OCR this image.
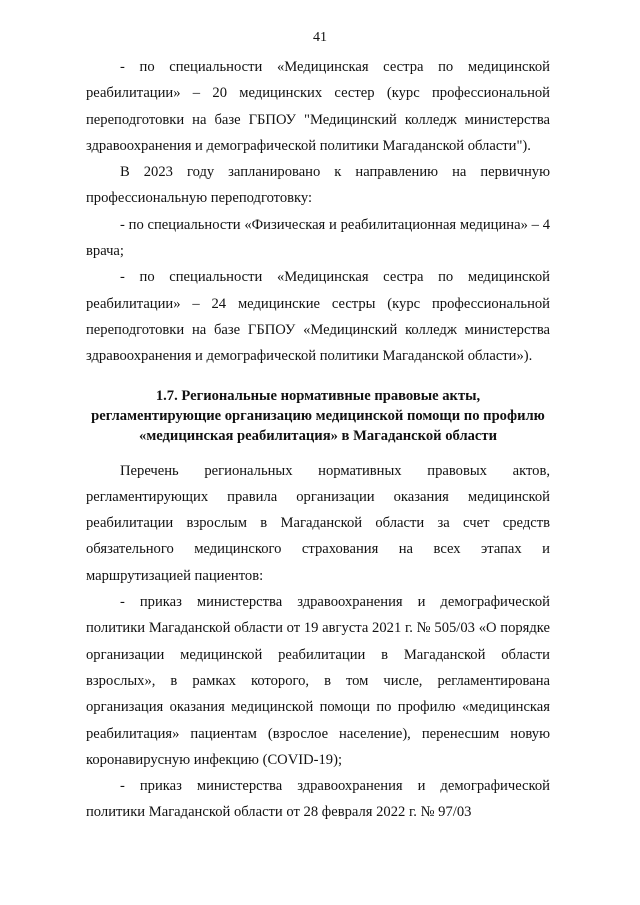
41

- по специальности «Медицинская сестра по медицинской реабилитации» – 20 медицинских сестер (курс профессиональной переподготовки на базе ГБПОУ "Медицинский колледж министерства здравоохранения и демографической политики Магаданской области").

В 2023 году запланировано к направлению на первичную профессиональную переподготовку:

- по специальности «Физическая и реабилитационная медицина» – 4 врача;

- по специальности «Медицинская сестра по медицинской реабилитации» – 24 медицинские сестры (курс профессиональной переподготовки на базе ГБПОУ «Медицинский колледж министерства здравоохранения и демографической политики Магаданской области»).

1.7. Региональные нормативные правовые акты,
регламентирующие организацию медицинской помощи по профилю
«медицинская реабилитация» в Магаданской области

Перечень региональных нормативных правовых актов, регламентирующих правила организации оказания медицинской реабилитации взрослым в Магаданской области за счет средств обязательного медицинского страхования на всех этапах и маршрутизацией пациентов:

- приказ министерства здравоохранения и демографической политики Магаданской области от 19 августа 2021 г. № 505/03 «О порядке организации медицинской реабилитации в Магаданской области взрослых», в рамках которого, в том числе, регламентирована организация оказания медицинской помощи по профилю «медицинская реабилитация» пациентам (взрослое население), перенесшим новую коронавирусную инфекцию (COVID-19);

- приказ министерства здравоохранения и демографической политики Магаданской области от 28 февраля 2022 г. № 97/03
